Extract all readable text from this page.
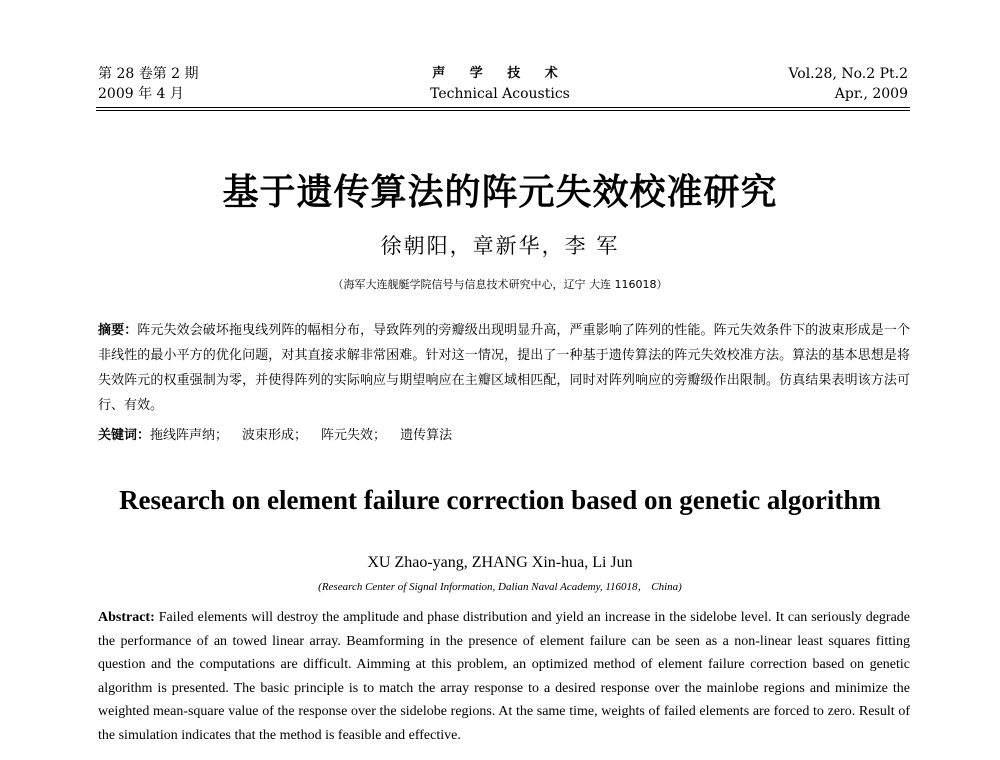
第 28 卷第 2 期
2009 年 4 月
声 学 技 术
Technical Acoustics
Vol.28, No.2 Pt.2
Apr., 2009
基于遗传算法的阵元失效校准研究
徐朝阳，章新华，李 军
（海军大连舰艇学院信号与信息技术研究中心，辽宁 大连 116018）
摘要：阵元失效会破坏拖曳线列阵的幅相分布，导致阵列的旁瓣级出现明显升高，严重影响了阵列的性能。阵元失效条件下的波束形成是一个非线性的最小平方的优化问题，对其直接求解非常困难。针对这一情况，提出了一种基于遗传算法的阵元失效校准方法。算法的基本思想是将失效阵元的权重强制为零，并使得阵列的实际响应与期望响应在主瓣区域相匹配，同时对阵列响应的旁瓣级作出限制。仿真结果表明该方法可行、有效。
关键词：拖线阵声纳； 波束形成； 阵元失效； 遗传算法
Research on element failure correction based on genetic algorithm
XU Zhao-yang, ZHANG Xin-hua, Li Jun
(Research Center of Signal Information, Dalian Naval Academy, 116018， China)
Abstract: Failed elements will destroy the amplitude and phase distribution and yield an increase in the sidelobe level. It can seriously degrade the performance of an towed linear array. Beamforming in the presence of element failure can be seen as a non-linear least squares fitting question and the computations are difficult. Aimming at this problem, an optimized method of element failure correction based on genetic algorithm is presented. The basic principle is to match the array response to a desired response over the mainlobe regions and minimize the weighted mean-square value of the response over the sidelobe regions. At the same time, weights of failed elements are forced to zero. Result of the simulation indicates that the method is feasible and effective.
